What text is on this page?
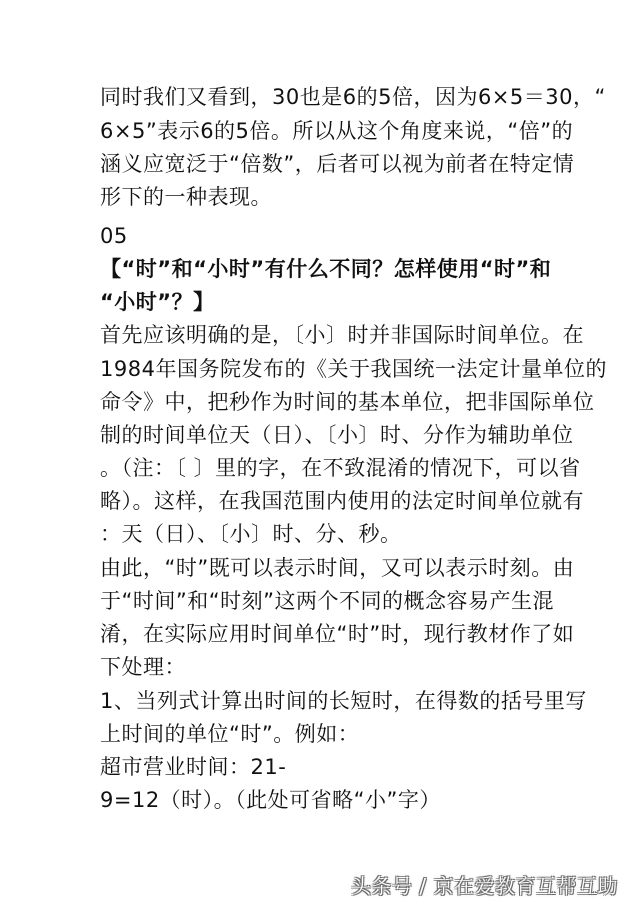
同时我们又看到，30也是6的5倍，因为6×5＝30，“
6×5”表示6的5倍。所以从这个角度来说，“倍”的
涵义应宽泛于“倍数”，后者可以视为前者在特定情
形下的一种表现。
05
【“时”和“小时”有什么不同？怎样使用“时”和
“小时”？】
首先应该明确的是，〔小〕时并非国际时间单位。在
1984年国务院发布的《关于我国统一法定计量单位的
命令》中，把秒作为时间的基本单位，把非国际单位
制的时间单位天（日）、〔小〕时、分作为辅助单位
。（注：〔 〕里的字，在不致混淆的情况下，可以省
略）。这样，在我国范围内使用的法定时间单位就有
：天（日）、〔小〕时、分、秒。
由此，“时”既可以表示时间，又可以表示时刻。由
于“时间”和“时刻”这两个不同的概念容易产生混
淆，在实际应用时间单位“时”时，现行教材作了如
下处理：
1、当列式计算出时间的长短时，在得数的括号里写
上时间的单位“时”。例如：
超市营业时间：21-
9=12（时）。（此处可省略“小”字）
头条号 / 京在爱教育互帮互助
